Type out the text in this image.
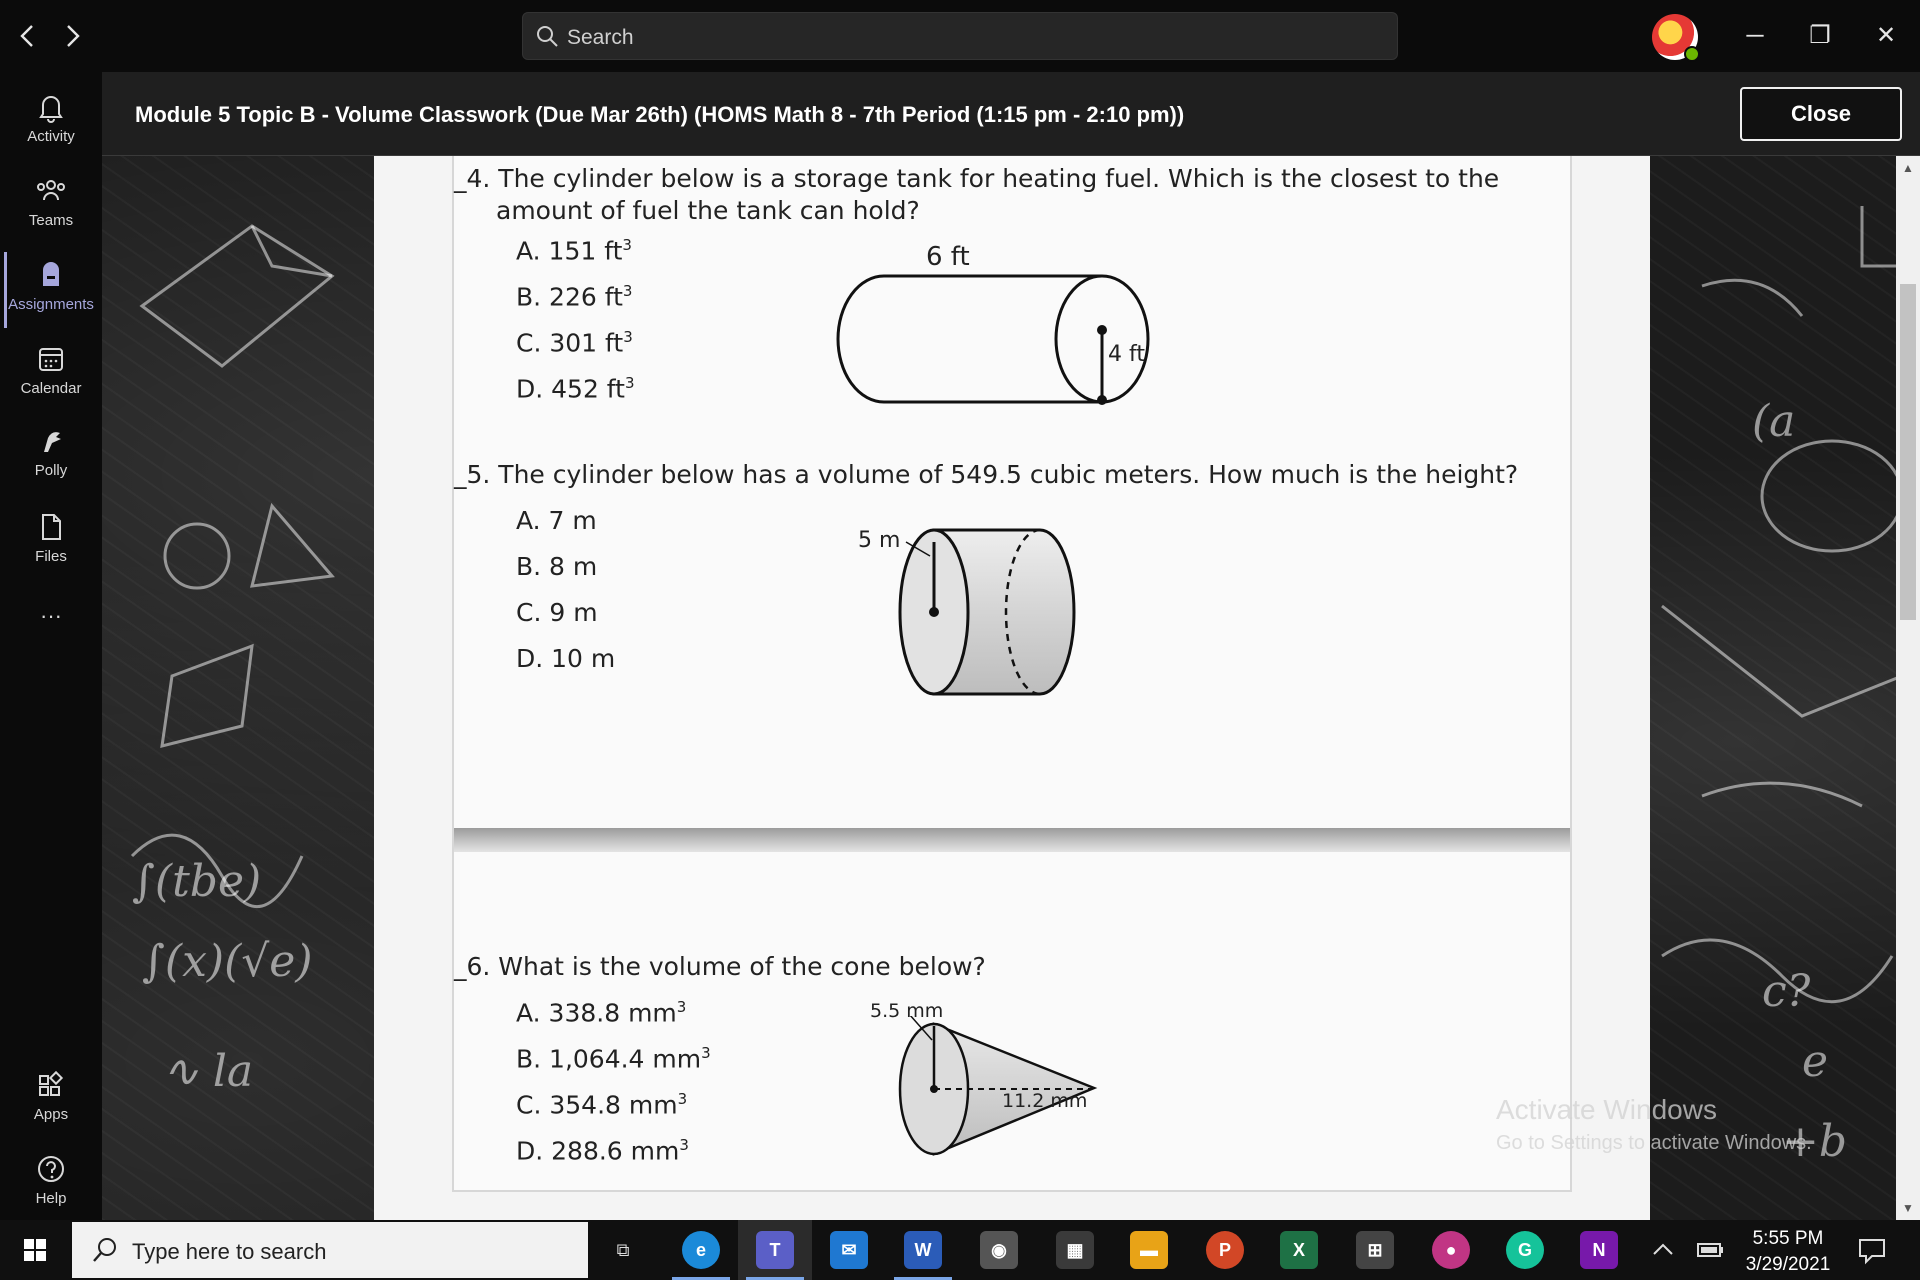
Search	─	❐	✕
Activity
Teams
Assignments
Calendar
Polly
Files
···
Apps
Help
Module 5 Topic B - Volume Classwork (Due Mar 26th) (HOMS Math 8 - 7th Period (1:15 pm - 2:10 pm))	Close
∫(tbe)
∫(x)(√e)
∿ la
(a
c?
e
+b
_4. The cylinder below is a storage tank for heating fuel. Which is the closest to the
amount of fuel the tank can hold?
A. 151 $ft^3$
B. 226 $ft^3$
C. 301 $ft^3$
D. 452 $ft^3$
6 ft
4 ft
_5. The cylinder below has a volume of 549.5 cubic meters. How much is the height?
A. 7 m
B. 8 m
C. 9 m
D. 10 m
5 m
_6. What is the volume of the cone below?
A. 338.8 $mm^3$
B. 1,064.4 $mm^3$
C. 354.8 $mm^3$
D. 288.6 $mm^3$
5.5 mm
11.2 mm	Activate Windows
Go to Settings to activate Windows.
▲
▼
Type here to search	⧉	e	T	✉	W	◉	▦	▬	P	X	⊞	●	G	N
5:55 PM
3/29/2021
